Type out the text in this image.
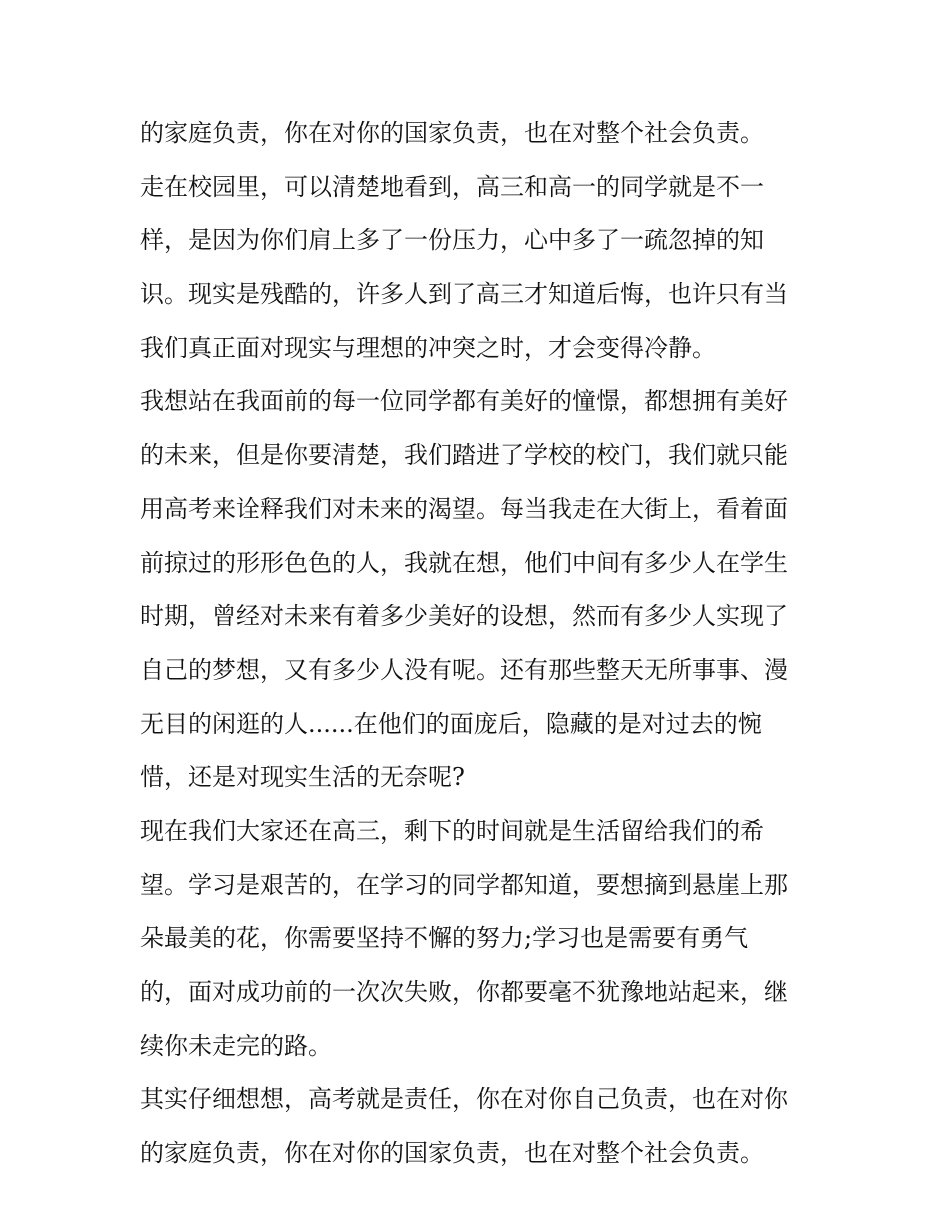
的家庭负责，你在对你的国家负责，也在对整个社会负责。
走在校园里，可以清楚地看到，高三和高一的同学就是不一
样，是因为你们肩上多了一份压力，心中多了一疏忽掉的知
识。现实是残酷的，许多人到了高三才知道后悔，也许只有当
我们真正面对现实与理想的冲突之时，才会变得冷静。
我想站在我面前的每一位同学都有美好的憧憬，都想拥有美好
的未来，但是你要清楚，我们踏进了学校的校门，我们就只能
用高考来诠释我们对未来的渴望。每当我走在大街上，看着面
前掠过的形形色色的人，我就在想，他们中间有多少人在学生
时期，曾经对未来有着多少美好的设想，然而有多少人实现了
自己的梦想，又有多少人没有呢。还有那些整天无所事事、漫
无目的闲逛的人......在他们的面庞后，隐藏的是对过去的惋
惜，还是对现实生活的无奈呢?
现在我们大家还在高三，剩下的时间就是生活留给我们的希
望。学习是艰苦的，在学习的同学都知道，要想摘到悬崖上那
朵最美的花，你需要坚持不懈的努力;学习也是需要有勇气
的，面对成功前的一次次失败，你都要毫不犹豫地站起来，继
续你未走完的路。
其实仔细想想，高考就是责任，你在对你自己负责，也在对你
的家庭负责，你在对你的国家负责，也在对整个社会负责。
